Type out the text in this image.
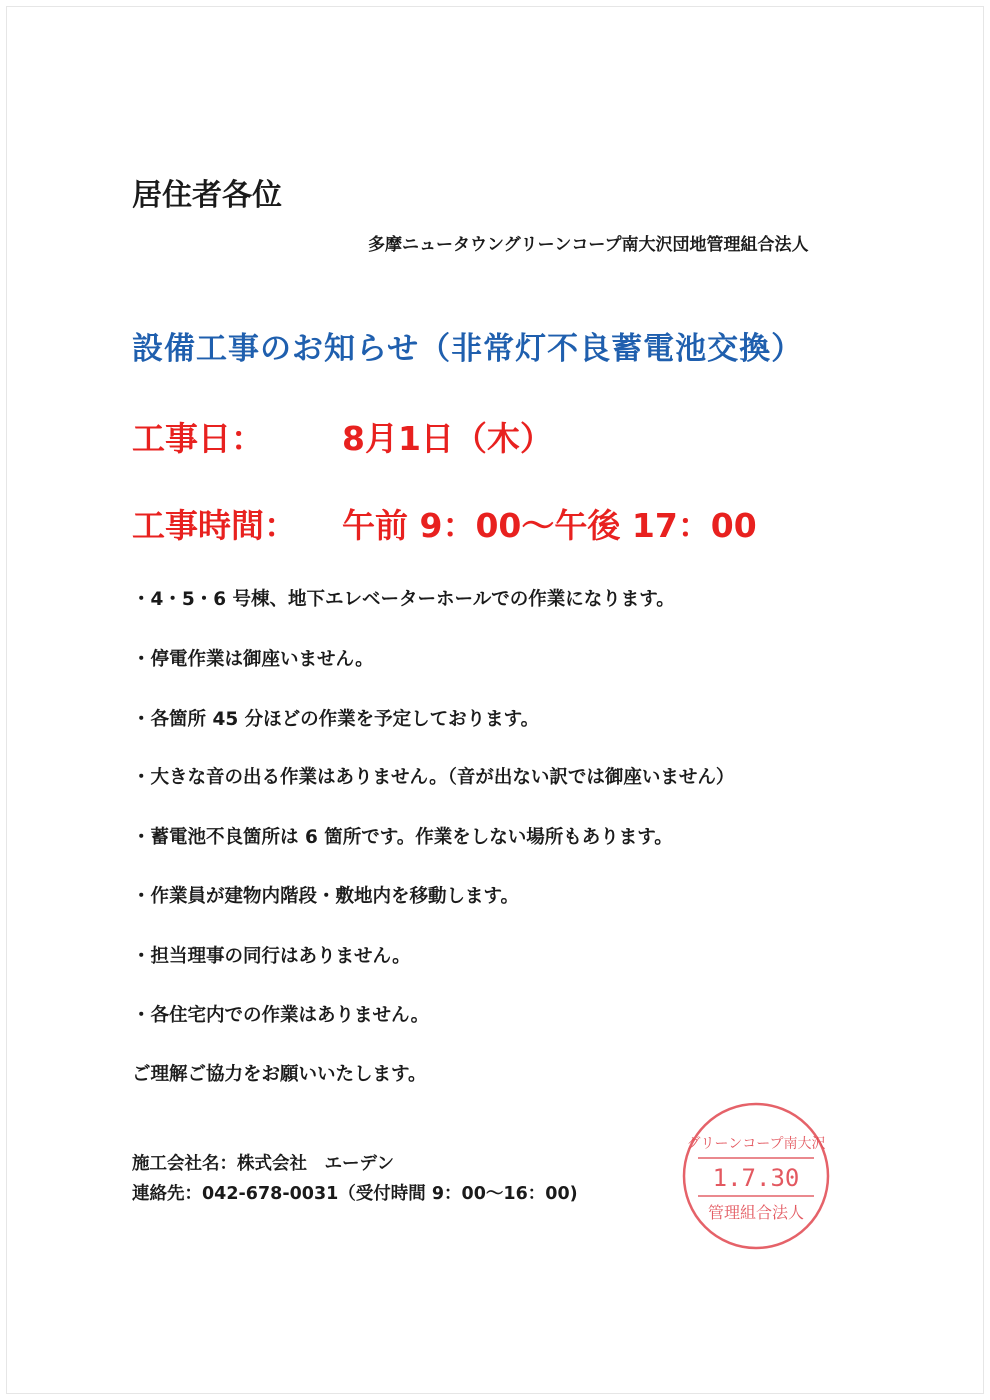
居住者各位
多摩ニュータウングリーンコープ南大沢団地管理組合法人
設備工事のお知らせ（非常灯不良蓄電池交換）
工事日： 8月1日（木）
工事時間： 午前 9：00～午後 17：00
・4・5・6 号棟、地下エレベーターホールでの作業になります。
・停電作業は御座いません。
・各箇所 45 分ほどの作業を予定しております。
・大きな音の出る作業はありません。（音が出ない訳では御座いません）
・蓄電池不良箇所は 6 箇所です。作業をしない場所もあります。
・作業員が建物内階段・敷地内を移動します。
・担当理事の同行はありません。
・各住宅内での作業はありません。
ご理解ご協力をお願いいたします。
施工会社名：株式会社　エーデン
連絡先：042-678-0031（受付時間 9：00～16：00)
グリーンコープ南大沢
1.7.30
管理組合法人
